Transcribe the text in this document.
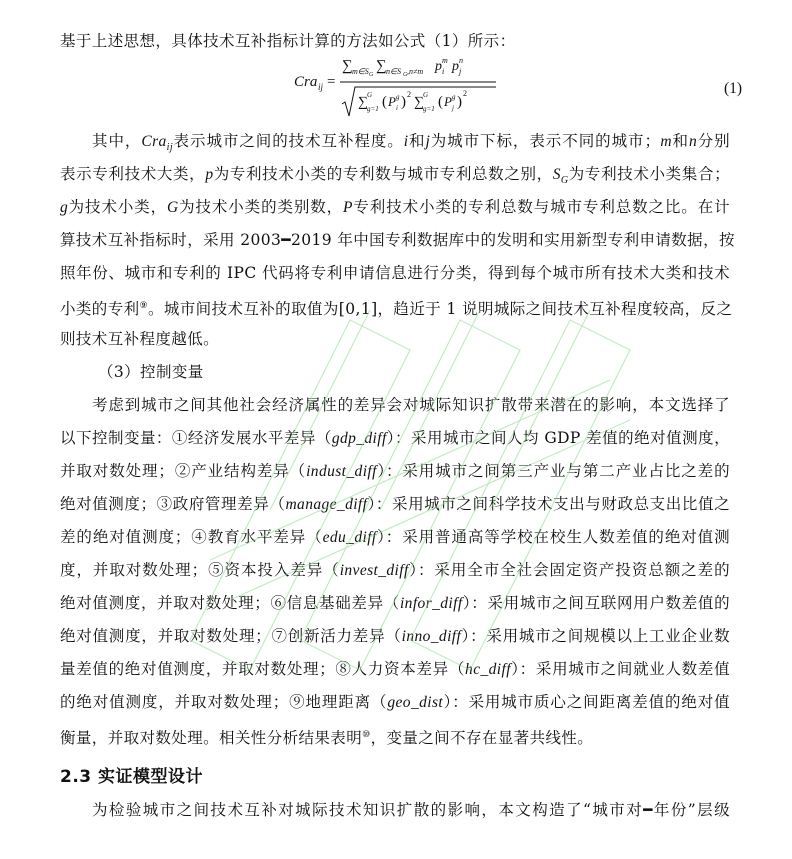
基于上述思想，具体技术互补指标计算的方法如公式（1）所示：
Cra ij =
∑ m∈S G
∑ n∈S G ,n≠m p m
i p n
j
∑ G
g=1 ( P g
i ) 2
∑ G
g=1 ( P g
j )
2	(1)
其中，Cra$_{ij}$表示城市之间的技术互补程度。i和j为城市下标，表示不同的城市；m和n分别
表示专利技术大类，p为专利技术小类的专利数与城市专利总数之别，$S_G$为专利技术小类集合；
g为技术小类，G为技术小类的类别数，P专利技术小类的专利总数与城市专利总数之比。在计
算技术互补指标时，采用 2003━2019 年中国专利数据库中的发明和实用新型专利申请数据，按
照年份、城市和专利的 IPC 代码将专利申请信息进行分类，得到每个城市所有技术大类和技术
小类的专利⑨。城市间技术互补的取值为[0,1]，趋近于 1 说明城际之间技术互补程度较高，反之
则技术互补程度越低。
（3）控制变量
考虑到城市之间其他社会经济属性的差异会对城际知识扩散带来潜在的影响，本文选择了
以下控制变量：①经济发展水平差异（gdp_diff）：采用城市之间人均 GDP 差值的绝对值测度，
并取对数处理；②产业结构差异（indust_diff）：采用城市之间第三产业与第二产业占比之差的
绝对值测度；③政府管理差异（manage_diff）：采用城市之间科学技术支出与财政总支出比值之
差的绝对值测度；④教育水平差异（edu_diff）：采用普通高等学校在校生人数差值的绝对值测
度，并取对数处理；⑤资本投入差异（invest_diff）：采用全市全社会固定资产投资总额之差的
绝对值测度，并取对数处理；⑥信息基础差异（infor_diff）：采用城市之间互联网用户数差值的
绝对值测度，并取对数处理；⑦创新活力差异（inno_diff）：采用城市之间规模以上工业企业数
量差值的绝对值测度，并取对数处理；⑧人力资本差异（hc_diff）：采用城市之间就业人数差值
的绝对值测度，并取对数处理；⑨地理距离（geo_dist）：采用城市质心之间距离差值的绝对值
衡量，并取对数处理。相关性分析结果表明⑩，变量之间不存在显著共线性。
2.3 实证模型设计
为检验城市之间技术互补对城际技术知识扩散的影响，本文构造了“城市对━年份”层级
